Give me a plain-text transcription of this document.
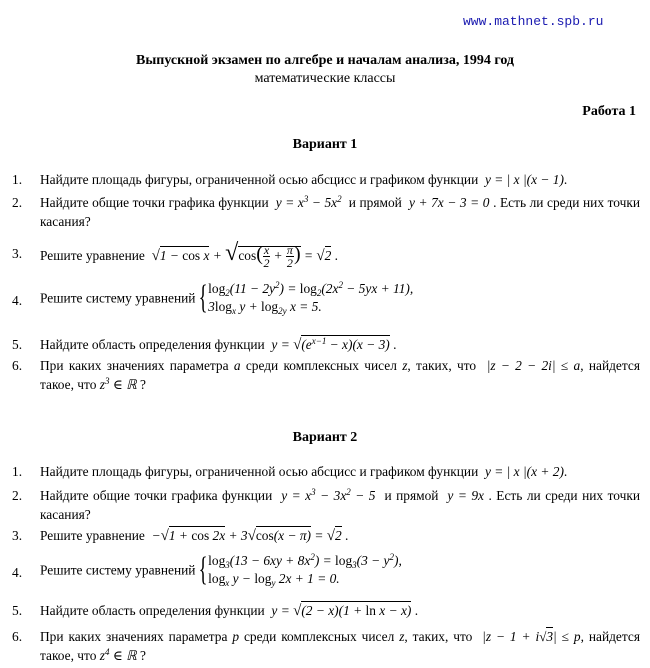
www.mathnet.spb.ru
Выпускной экзамен по алгебре и началам анализа, 1994 год
математические классы
Работа 1
Вариант 1
1. Найдите площадь фигуры, ограниченной осью абсцисс и графиком функции y = | x |(x − 1).
2. Найдите общие точки графика функции $y = x^3 - 5x^2$ и прямой y + 7x − 3 = 0 . Есть ли среди них точки касания?
3. Решите уравнение $√1 - \cos x + √\cos( \frac{x}{2} + \frac{\pi}{2}$ ) = √2 .
4. Решите систему уравнений { $\log_2(11 - 2y^2) = \log_2(2x^2 - 5yx + 11)$,
$3\log_x$ $y + \log_{2y} x = 5$.
5. Найдите область определения функции $y = √(e^{x-1} - x)(x - 3)$ .
6. При каких значениях параметра a среди комплексных чисел z, таких, что  |z − 2 − 2i| ≤ a, найдется такое, что $z^3$ ∈ ℝ ?
Вариант 2
1. Найдите площадь фигуры, ограниченной осью абсцисс и графиком функции y = | x |(x + 2).
2. Найдите общие точки графика функции $y = x^3 - 3x^2 - 5$ и прямой y = 9x . Есть ли среди них точки касания?
3. Решите уравнение −√1 + cos 2x + 3√cos(x − π) = √2 .
4. Решите систему уравнений { $\log_3(13 - 6xy + 8x^2) = \log_3(3 - y^2)$,
$\log_x y - \log_y 2x + 1 = 0$.
5. Найдите область определения функции y = √(2 − x)(1 + ln x − x) .
6. При каких значениях параметра p среди комплексных чисел z, таких, что  |z − 1 + i√3| ≤ p, найдется такое, что $z^4$ ∈ ℝ ?
